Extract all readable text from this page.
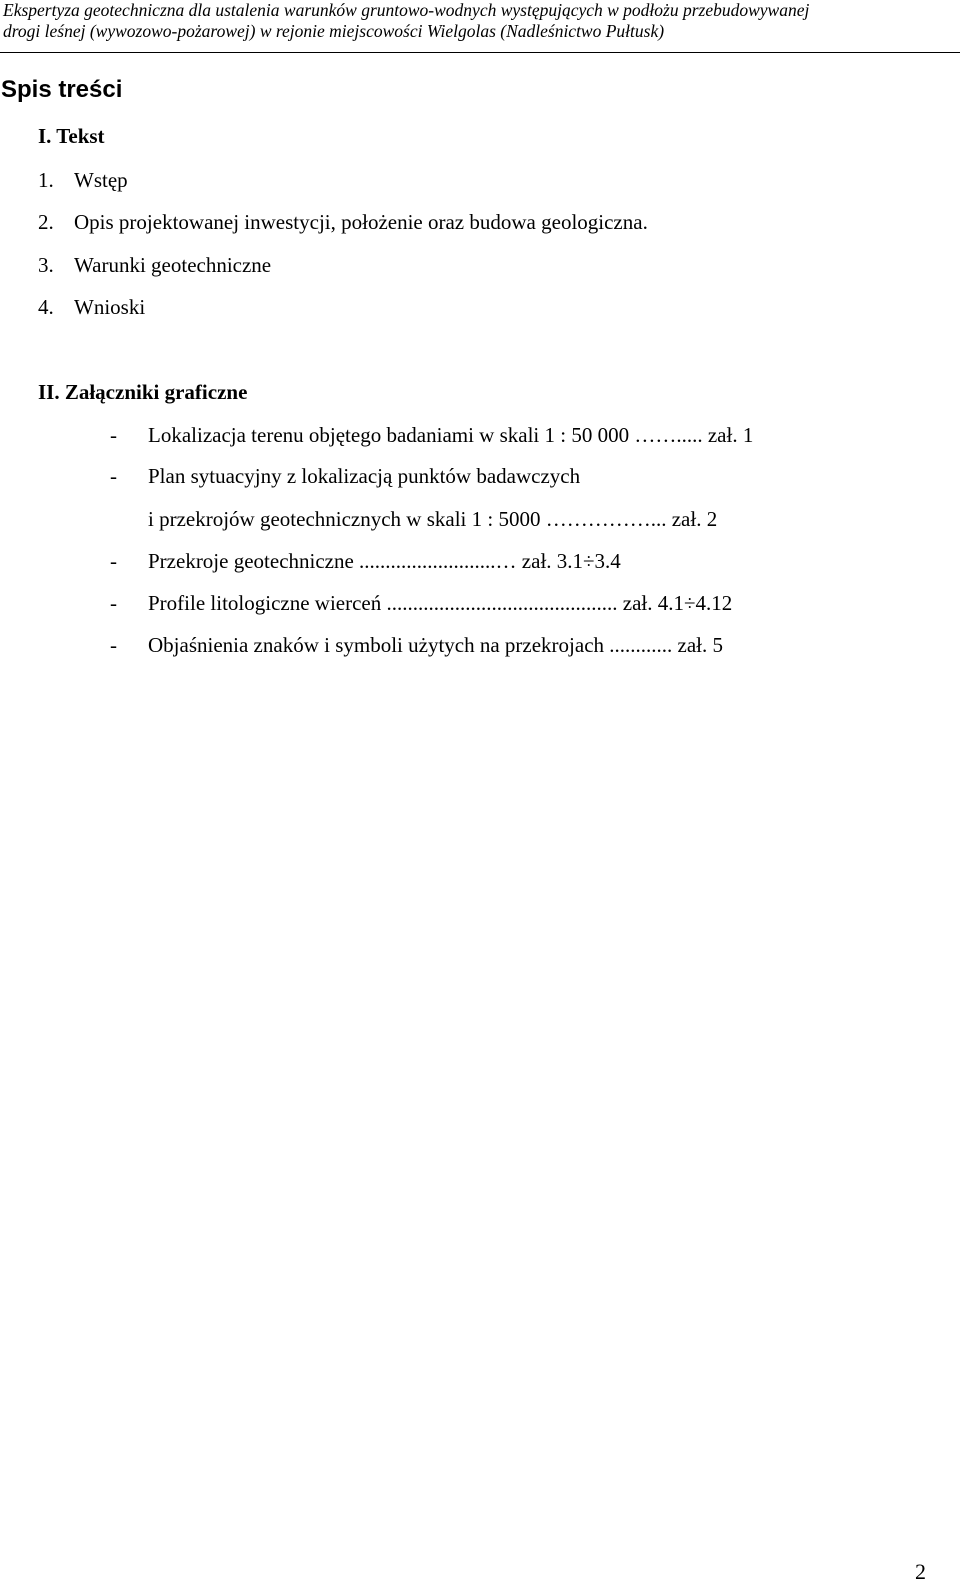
Ekspertyza geotechniczna dla ustalenia warunków gruntowo-wodnych występujących w podłożu przebudowywanej
drogi leśnej (wywozowo-pożarowej) w rejonie miejscowości Wielgolas (Nadleśnictwo Pułtusk)
Spis treści
I. Tekst
1. Wstęp
2. Opis projektowanej inwestycji, położenie oraz budowa geologiczna.
3. Warunki geotechniczne
4. Wnioski
II. Załączniki graficzne
- Lokalizacja terenu objętego badaniami w skali 1 : 50 000 ……..... zał. 1
- Plan sytuacyjny z lokalizacją punktów badawczych
i przekrojów geotechnicznych w skali 1 : 5000 ……………... zał. 2
- Przekroje geotechniczne ..........................… zał. 3.1÷3.4
- Profile litologiczne wierceń ............................................ zał. 4.1÷4.12
- Objaśnienia znaków i symboli użytych na przekrojach ............ zał. 5
2
